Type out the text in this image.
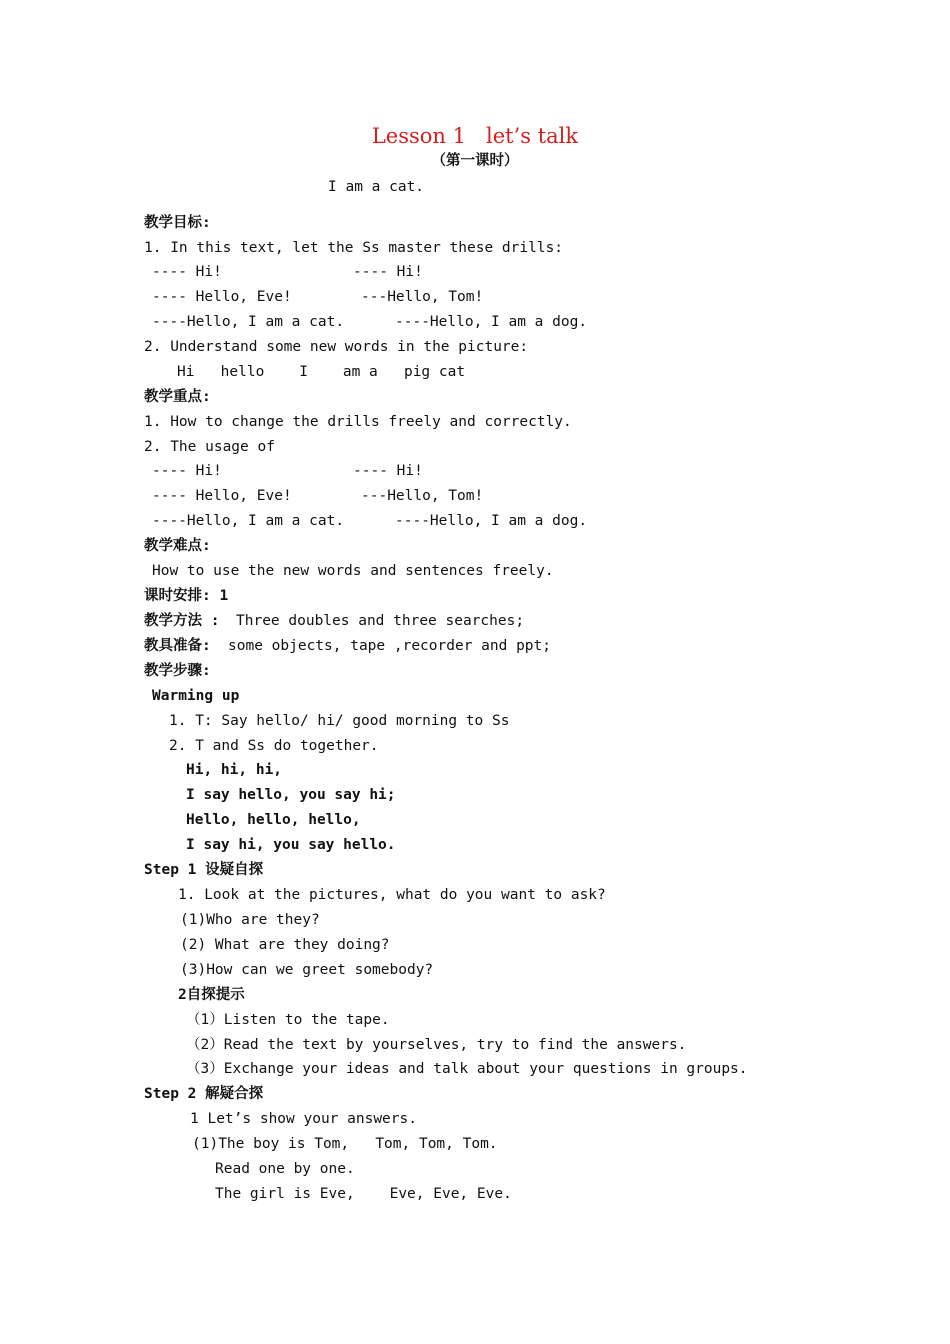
Lesson 1   let’s talk
（第一课时）
I am a cat.
教学目标:
1. In this text, let the Ss master these drills:
---- Hi!	---- Hi!
---- Hello, Eve!	---Hello, Tom!
----Hello, I am a cat.	----Hello, I am a dog.
2. Understand some new words in the picture:
Hi   hello    I    am a   pig cat
教学重点:
1. How to change the drills freely and correctly.
2. The usage of
---- Hi!	---- Hi!
---- Hello, Eve!	---Hello, Tom!
----Hello, I am a cat.	----Hello, I am a dog.
教学难点:
How to use the new words and sentences freely.
课时安排: 1
教学方法 : Three doubles and three searches;
教具准备: some objects, tape ,recorder and ppt;
教学步骤:
Warming up
1. T: Say hello/ hi/ good morning to Ss
2. T and Ss do together.
Hi, hi, hi,
I say hello, you say hi;
Hello, hello, hello,
I say hi, you say hello.
Step 1 设疑自探
1. Look at the pictures, what do you want to ask?
(1)Who are they?
(2) What are they doing?
(3)How can we greet somebody?
2自探提示
（1）Listen to the tape.
（2）Read the text by yourselves, try to find the answers.
（3）Exchange your ideas and talk about your questions in groups.
Step 2 解疑合探
1 Let’s show your answers.
(1)The boy is Tom,   Tom, Tom, Tom.
Read one by one.
The girl is Eve,    Eve, Eve, Eve.
